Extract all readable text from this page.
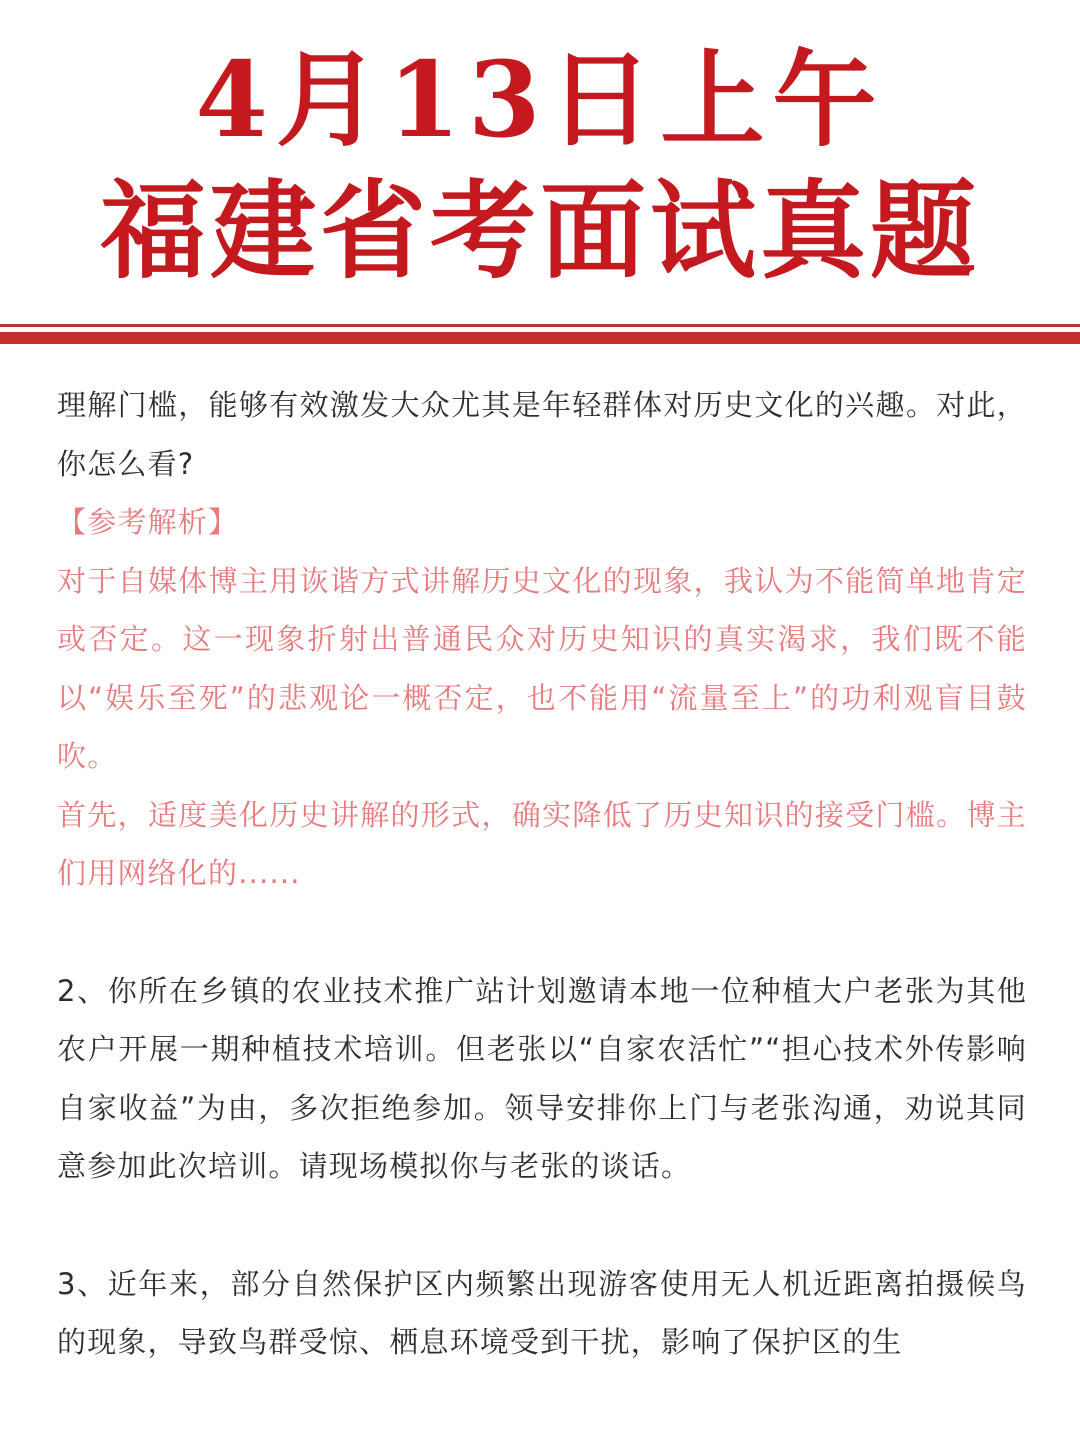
4月13日上午
福建省考面试真题

理解门槛，能够有效激发大众尤其是年轻群体对历史文化的兴趣。对此，你怎么看?

【参考解析】

对于自媒体博主用诙谐方式讲解历史文化的现象，我认为不能简单地肯定或否定。这一现象折射出普通民众对历史知识的真实渴求，我们既不能以“娱乐至死”的悲观论一概否定，也不能用“流量至上”的功利观盲目鼓吹。

首先，适度美化历史讲解的形式，确实降低了历史知识的接受门槛。博主们用网络化的......

2、你所在乡镇的农业技术推广站计划邀请本地一位种植大户老张为其他农户开展一期种植技术培训。但老张以“自家农活忙”“担心技术外传影响自家收益”为由，多次拒绝参加。领导安排你上门与老张沟通，劝说其同意参加此次培训。请现场模拟你与老张的谈话。

3、近年来，部分自然保护区内频繁出现游客使用无人机近距离拍摄候鸟的现象，导致鸟群受惊、栖息环境受到干扰，影响了保护区的生
